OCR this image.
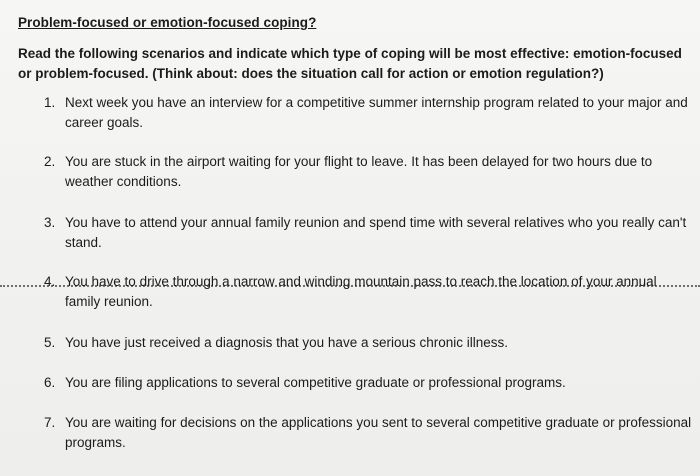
Problem-focused or emotion-focused coping?
Read the following scenarios and indicate which type of coping will be most effective: emotion-focused or problem-focused. (Think about: does the situation call for action or emotion regulation?)
1. Next week you have an interview for a competitive summer internship program related to your major and career goals.
2. You are stuck in the airport waiting for your flight to leave. It has been delayed for two hours due to weather conditions.
3. You have to attend your annual family reunion and spend time with several relatives who you really can't stand.
4. You have to drive through a narrow and winding mountain pass to reach the location of your annual family reunion.
5. You have just received a diagnosis that you have a serious chronic illness.
6. You are filing applications to several competitive graduate or professional programs.
7. You are waiting for decisions on the applications you sent to several competitive graduate or professional programs.
